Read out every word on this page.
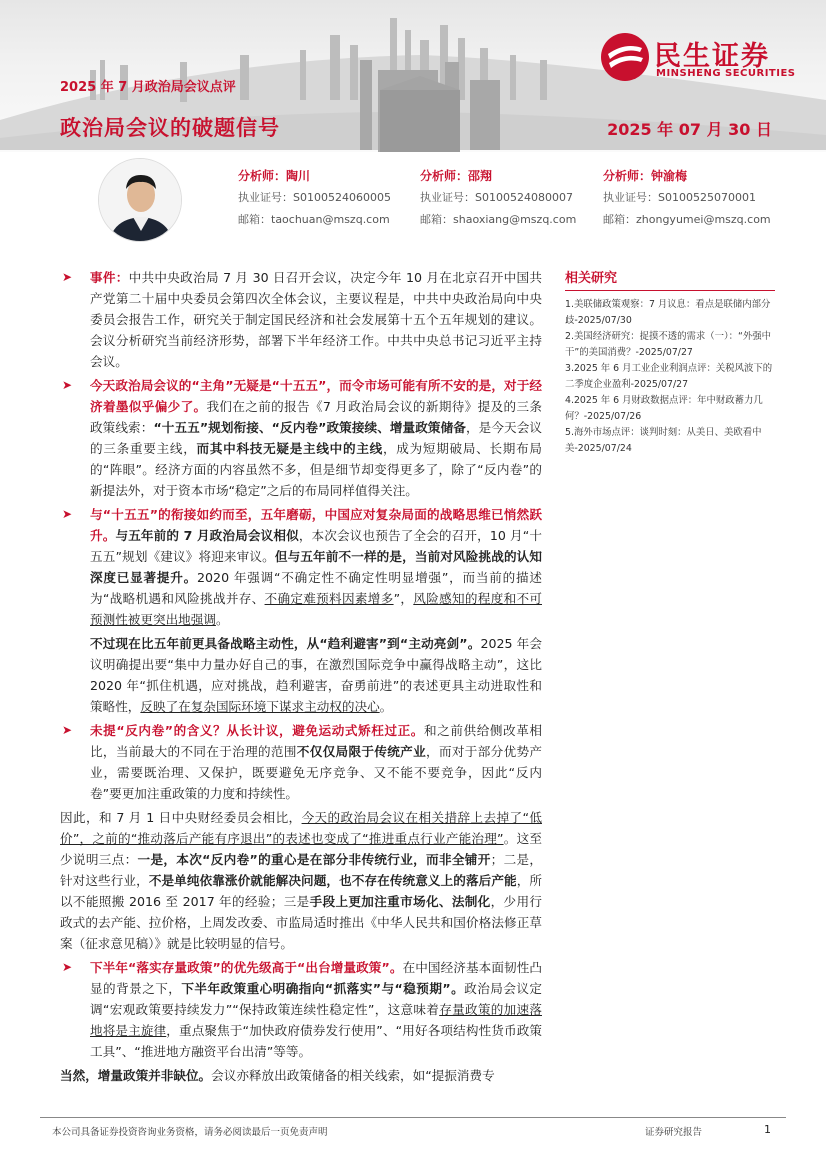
2025 年 7 月政治局会议点评
政治局会议的破题信号	2025 年 07 月 30 日
民生证券
MINSHENG SECURITIES
分析师：陶川
执业证号：S0100524060005
邮箱：taochuan@mszq.com
分析师：邵翔
执业证号：S0100524080007
邮箱：shaoxiang@mszq.com
分析师：钟渝梅
执业证号：S0100525070001
邮箱：zhongyumei@mszq.com

➤ 事件：中共中央政治局 7 月 30 日召开会议，决定今年 10 月在北京召开中国共产党第二十届中央委员会第四次全体会议，主要议程是，中共中央政治局向中央委员会报告工作，研究关于制定国民经济和社会发展第十五个五年规划的建议。会议分析研究当前经济形势，部署下半年经济工作。中共中央总书记习近平主持会议。

➤ 今天政治局会议的“主角”无疑是“十五五”，而令市场可能有所不安的是，对于经济着墨似乎偏少了。我们在之前的报告《7 月政治局会议的新期待》提及的三条政策线索：“十五五”规划衔接、“反内卷”政策接续、增量政策储备，是今天会议的三条重要主线，而其中科技无疑是主线中的主线，成为短期破局、长期布局的“阵眼”。经济方面的内容虽然不多，但是细节却变得更多了，除了“反内卷”的新提法外，对于资本市场“稳定”之后的布局同样值得关注。

➤ 与“十五五”的衔接如约而至，五年磨砺，中国应对复杂局面的战略思维已悄然跃升。与五年前的 7 月政治局会议相似，本次会议也预告了全会的召开，10 月“十五五”规划《建议》将迎来审议。但与五年前不一样的是，当前对风险挑战的认知深度已显著提升。2020 年强调“不确定性不确定性明显增强”，而当前的描述为“战略机遇和风险挑战并存、不确定难预料因素增多”，风险感知的程度和不可预测性被更突出地强调。

不过现在比五年前更具备战略主动性，从“趋利避害”到“主动亮剑”。2025 年会议明确提出要“集中力量办好自己的事，在激烈国际竞争中赢得战略主动”，这比 2020 年“抓住机遇，应对挑战，趋利避害，奋勇前进”的表述更具主动进取性和策略性，反映了在复杂国际环境下谋求主动权的决心。

➤ 未提“反内卷”的含义？从长计议，避免运动式矫枉过正。和之前供给侧改革相比，当前最大的不同在于治理的范围不仅仅局限于传统产业，而对于部分优势产业，需要既治理、又保护，既要避免无序竞争、又不能不要竞争，因此“反内卷”要更加注重政策的力度和持续性。

因此，和 7 月 1 日中央财经委员会相比，今天的政治局会议在相关措辞上去掉了“低价”，之前的“推动落后产能有序退出”的表述也变成了“推进重点行业产能治理”。这至少说明三点：一是，本次“反内卷”的重心是在部分非传统行业，而非全铺开；二是，针对这些行业，不是单纯依靠涨价就能解决问题，也不存在传统意义上的落后产能，所以不能照搬 2016 至 2017 年的经验；三是手段上更加注重市场化、法制化，少用行政式的去产能、拉价格，上周发改委、市监局适时推出《中华人民共和国价格法修正草案（征求意见稿）》就是比较明显的信号。

➤ 下半年“落实存量政策”的优先级高于“出台增量政策”。在中国经济基本面韧性凸显的背景之下，下半年政策重心明确指向“抓落实”与“稳预期”。政治局会议定调“宏观政策要持续发力”“保持政策连续性稳定性”，这意味着存量政策的加速落地将是主旋律，重点聚焦于“加快政府债券发行使用”、“用好各项结构性货币政策工具”、“推进地方融资平台出清”等等。

当然，增量政策并非缺位。会议亦释放出政策储备的相关线索，如“提振消费专

相关研究
1.美联储政策观察：7 月议息：看点是联储内部分歧-2025/07/30
2.美国经济研究：捉摸不透的需求（一）：“外强中干”的美国消费？-2025/07/27
3.2025 年 6 月工业企业利润点评：关税风波下的二季度企业盈利-2025/07/27
4.2025 年 6 月财政数据点评：年中财政蓄力几何？-2025/07/26
5.海外市场点评：谈判时刻：从美日、美欧看中美-2025/07/24
本公司具备证券投资咨询业务资格，请务必阅读最后一页免责声明	证券研究报告	1
